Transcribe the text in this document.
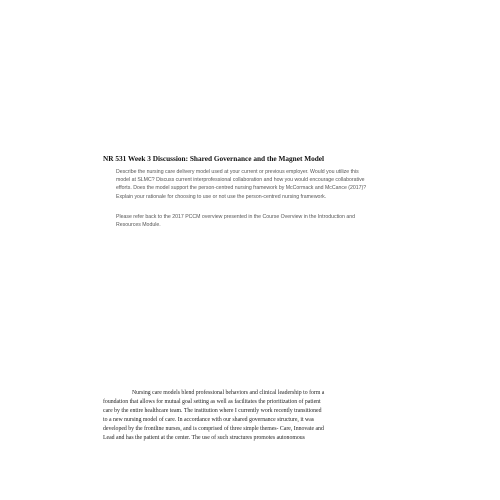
NR 531 Week 3 Discussion: Shared Governance and the Magnet Model
Describe the nursing care delivery model used at your current or previous employer. Would you utilize this
model at SLMC? Discuss current interprofessional collaboration and how you would encourage collaborative
efforts. Does the model support the person-centred nursing framework by McCormack and McCance (2017)?
Explain your rationale for choosing to use or not use the person-centred nursing framework.
Please refer back to the 2017 PCCM overview presented in the Course Overview in the Introduction and
Resources Module.
Nursing care models blend professional behaviors and clinical leadership to form a
foundation that allows for mutual goal setting as well as facilitates the prioritization of patient
care by the entire healthcare team. The institution where I currently work recently transitioned
to a new nursing model of care. In accordance with our shared governance structure, it was
developed by the frontline nurses, and is comprised of three simple themes- Care, Innovate and
Lead and has the patient at the center. The use of such structures promotes autonomous
